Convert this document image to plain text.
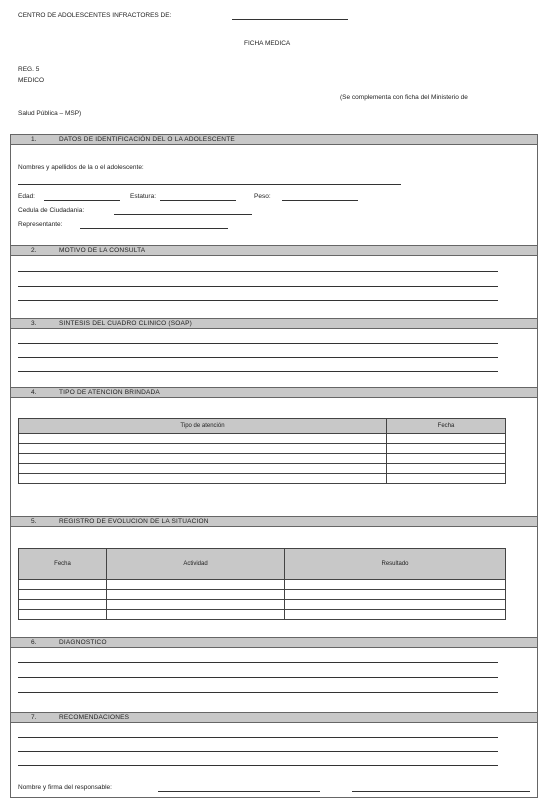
CENTRO DE ADOLESCENTES INFRACTORES DE:
FICHA MEDICA
REG. 5
MEDICO
(Se complementa con ficha del Ministerio de
Salud Pública – MSP)
1.	DATOS DE IDENTIFICACIÓN DEL O LA ADOLESCENTE
Nombres y apellidos de la o el adolescente:
Edad:	Estatura:	Peso:
Cedula de Ciudadania:
Representante:
2.	MOTIVO DE LA CONSULTA
3.	SINTESIS DEL CUADRO CLINICO (SOAP)
4.	TIPO DE ATENCION BRINDADA
Tipo de atención	Fecha

5.	REGISTRO DE EVOLUCION DE LA SITUACION
Fecha	Actividad	Resultado

6.	DIAGNOSTICO
7.	RECOMENDACIONES
Nombre y firma del responsable:
